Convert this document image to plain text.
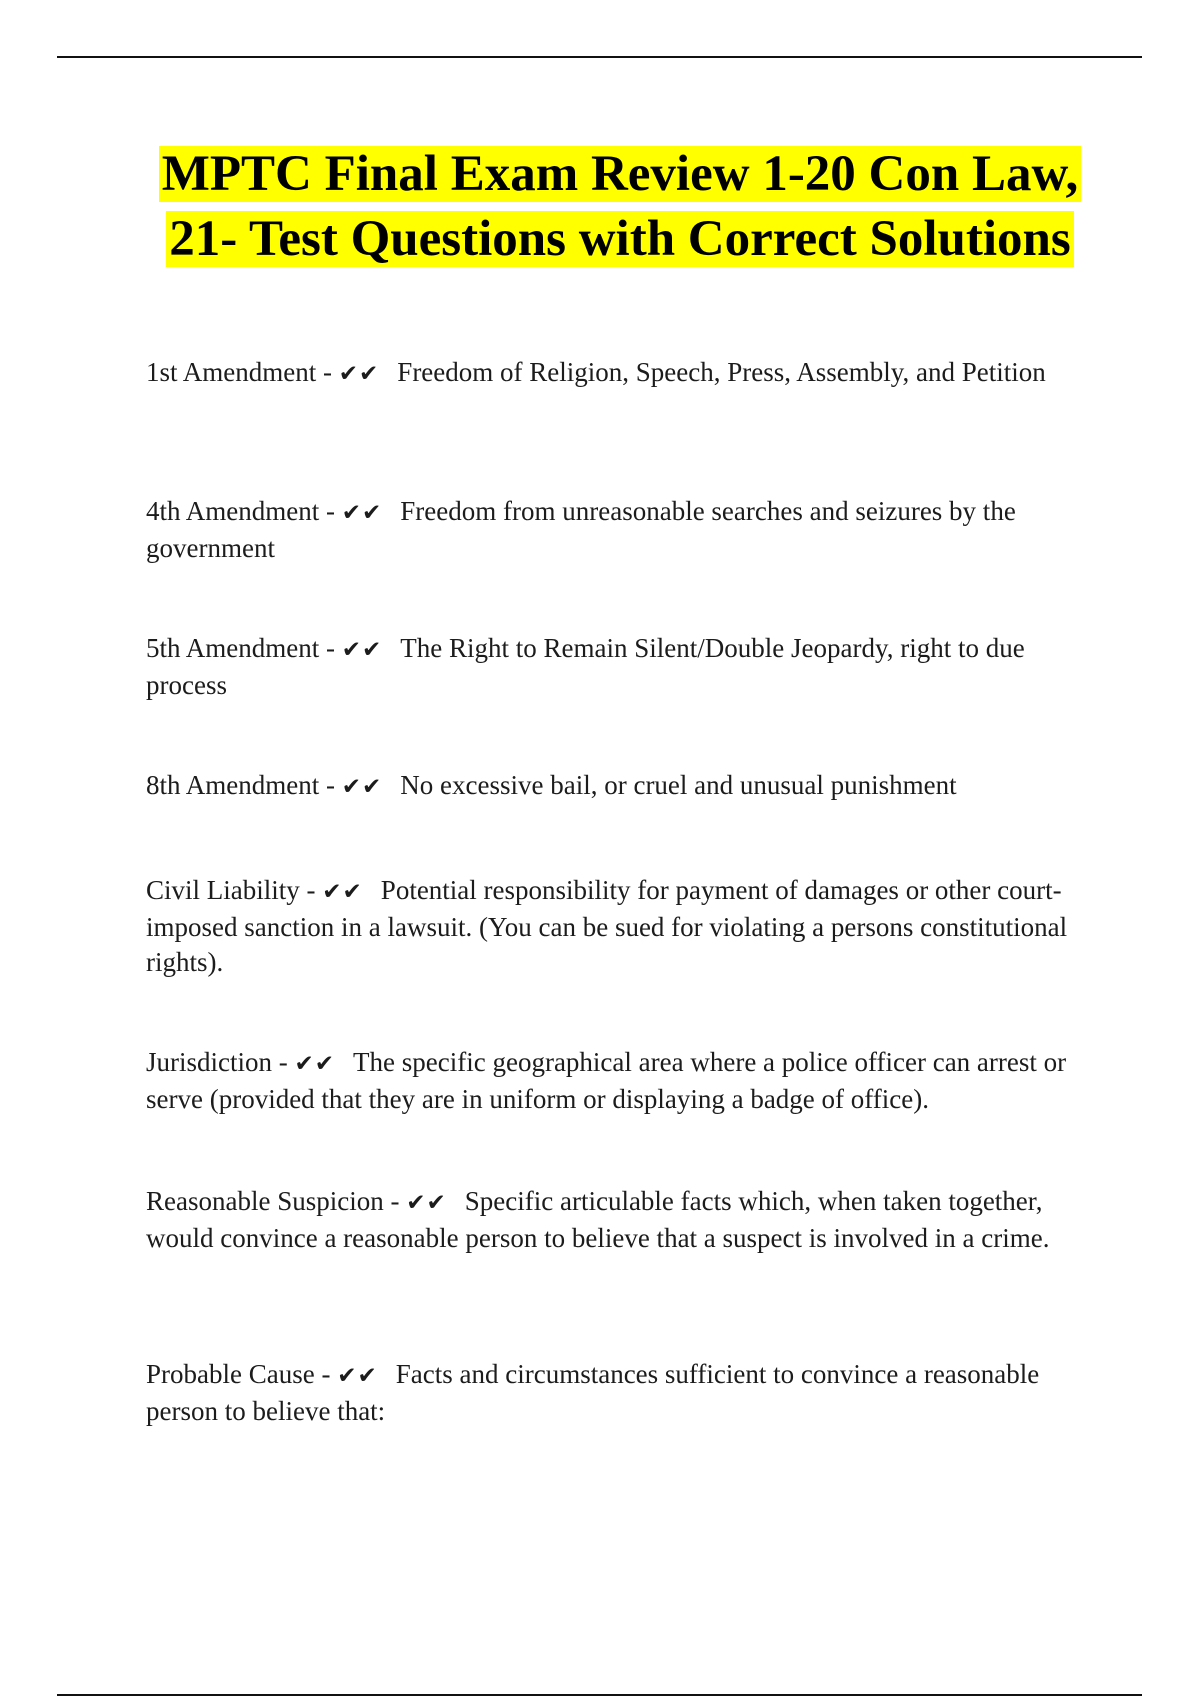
MPTC Final Exam Review 1-20 Con Law, 21- Test Questions with Correct Solutions
1st Amendment - ✔✔ Freedom of Religion, Speech, Press, Assembly, and Petition
4th Amendment - ✔✔ Freedom from unreasonable searches and seizures by the government
5th Amendment - ✔✔ The Right to Remain Silent/Double Jeopardy, right to due process
8th Amendment - ✔✔ No excessive bail, or cruel and unusual punishment
Civil Liability - ✔✔ Potential responsibility for payment of damages or other court-imposed sanction in a lawsuit. (You can be sued for violating a persons constitutional rights).
Jurisdiction - ✔✔ The specific geographical area where a police officer can arrest or serve (provided that they are in uniform or displaying a badge of office).
Reasonable Suspicion - ✔✔ Specific articulable facts which, when taken together, would convince a reasonable person to believe that a suspect is involved in a crime.
Probable Cause - ✔✔ Facts and circumstances sufficient to convince a reasonable person to believe that:
